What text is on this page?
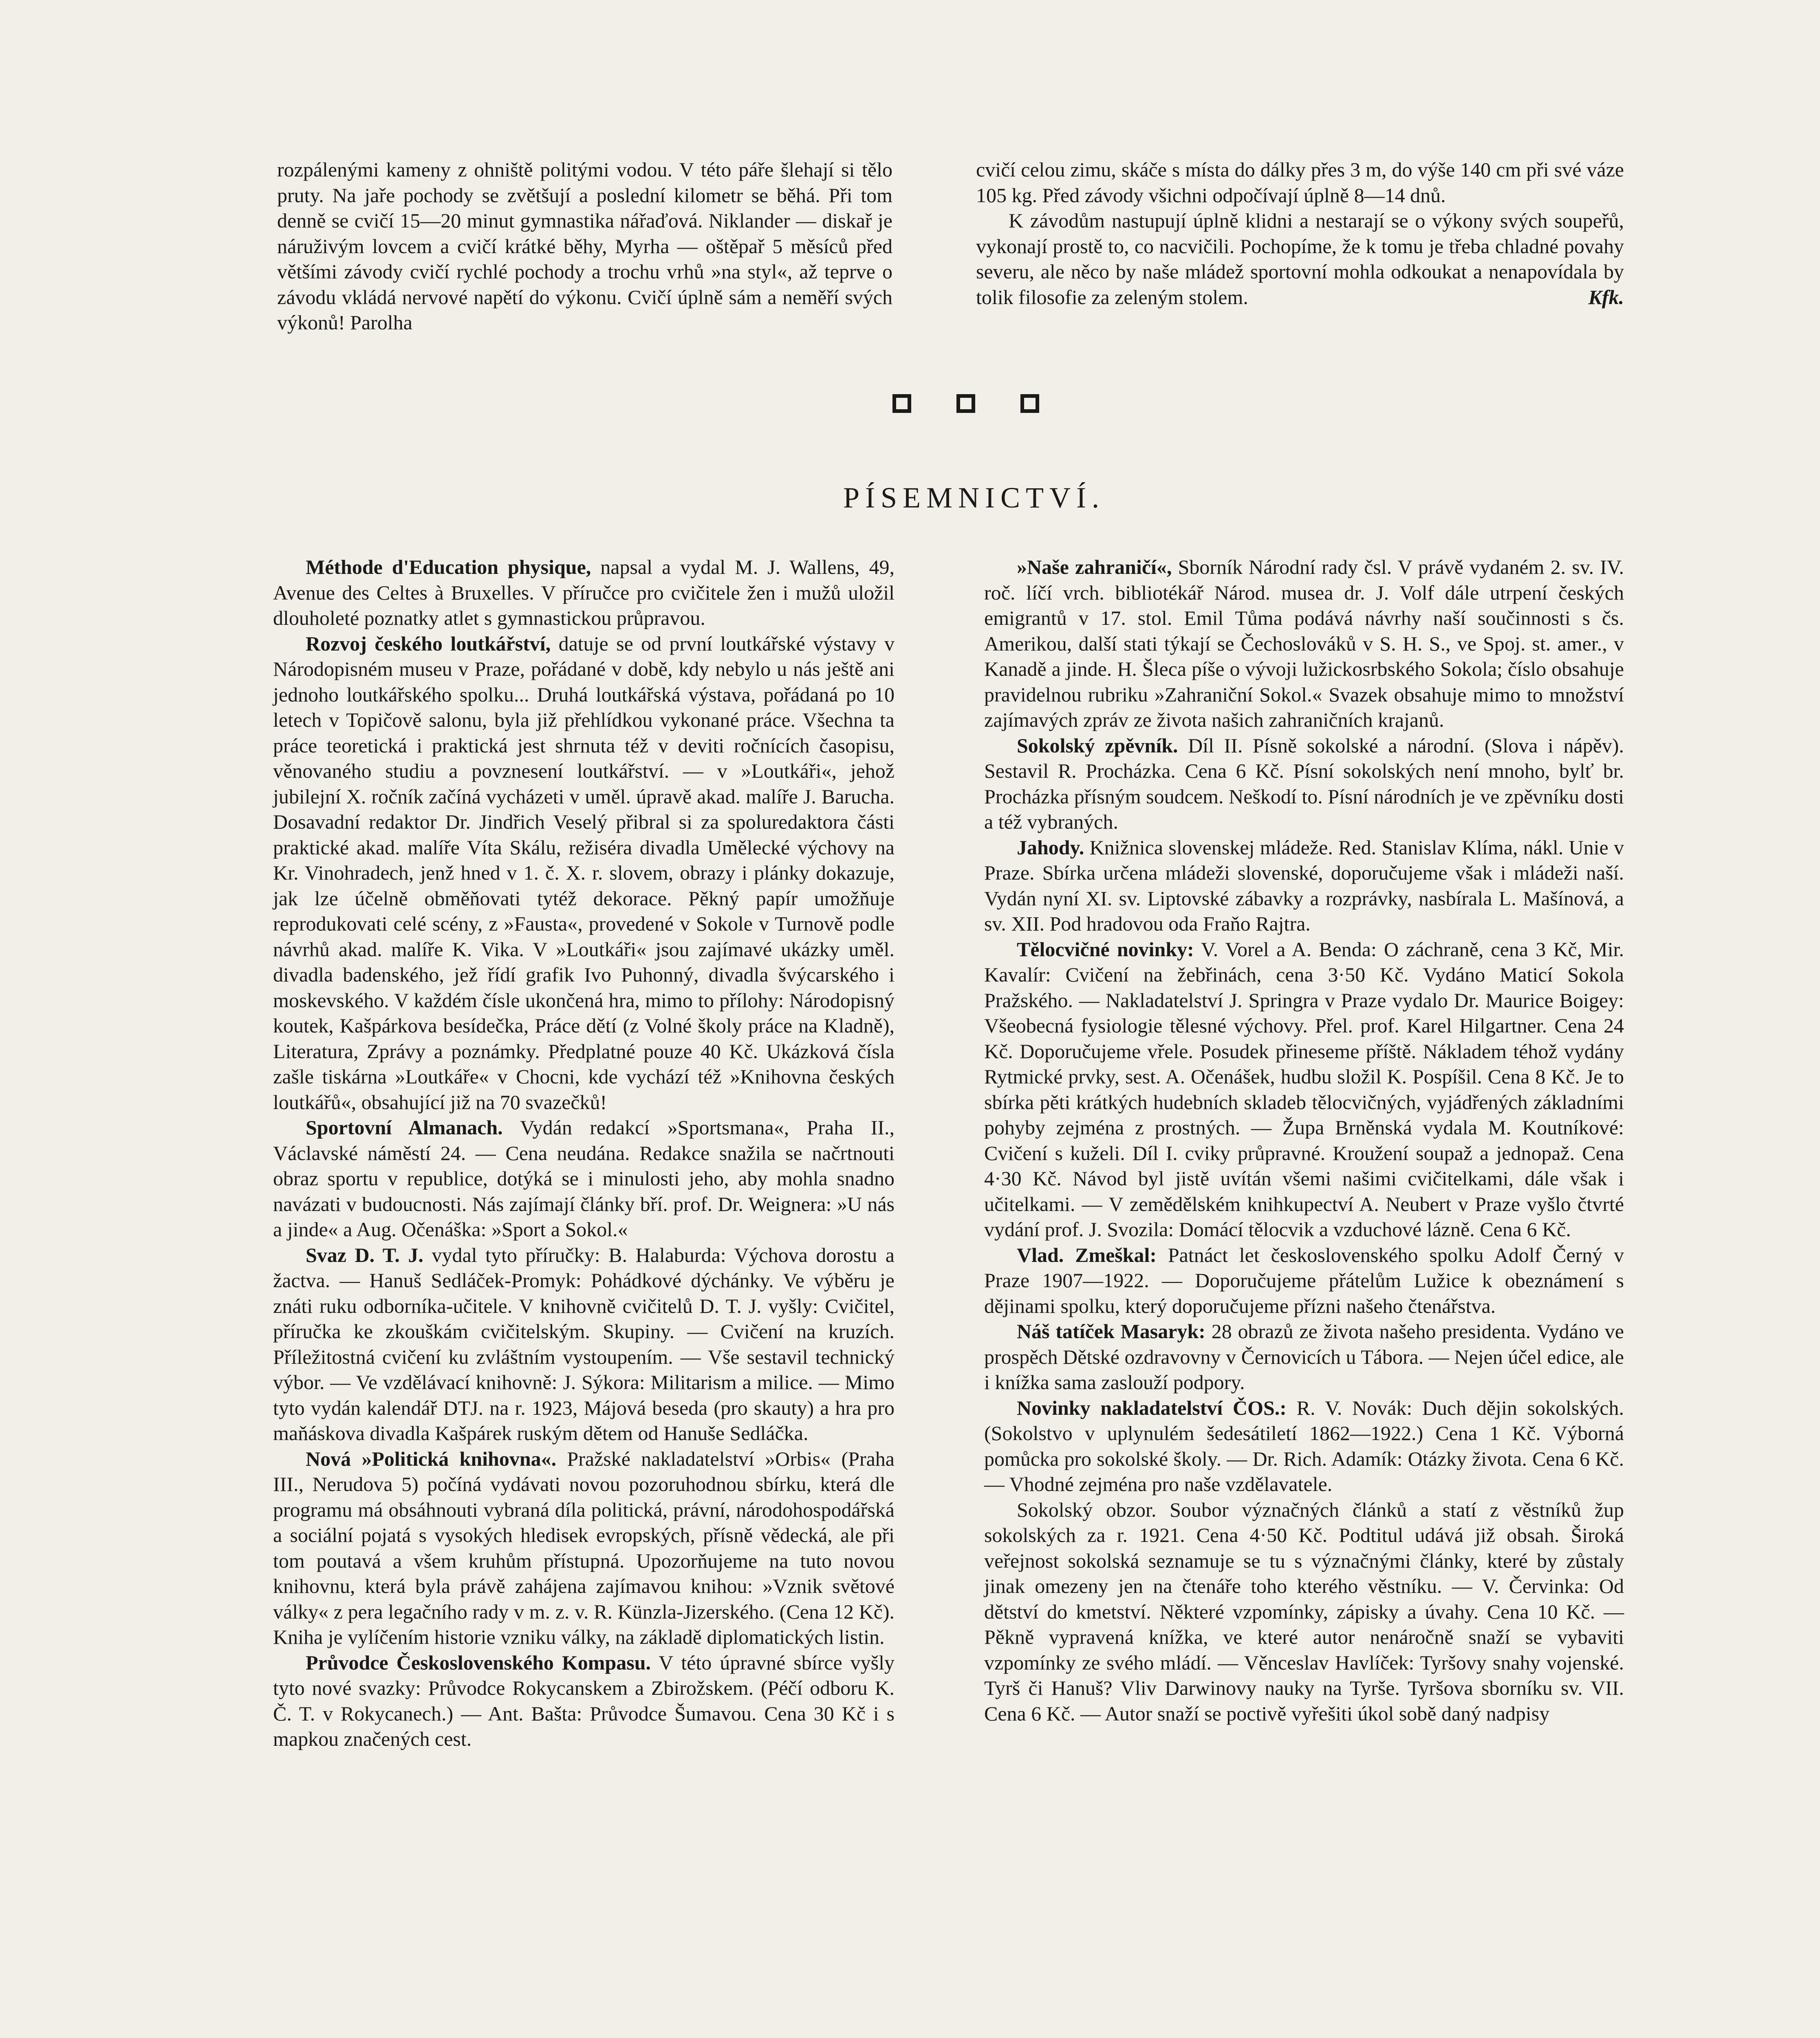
rozpálenými kameny z ohniště politými vodou. V této páře šlehají si tělo pruty. Na jaře pochody se zvětšují a poslední kilometr se běhá. Při tom denně se cvičí 15—20 minut gymnastika nářaďová. Niklander — diskař je náruživým lovcem a cvičí krátké běhy, Myrha — oštěpař 5 měsíců před většími závody cvičí rychlé pochody a trochu vrhů »na styl«, až teprve o závodu vkládá nervové napětí do výkonu. Cvičí úplně sám a neměří svých výkonů! Parolha

cvičí celou zimu, skáče s místa do dálky přes 3 m, do výše 140 cm při své váze 105 kg. Před závody všichni odpočívají úplně 8—14 dnů.

K závodům nastupují úplně klidni a nestarají se o výkony svých soupeřů, vykonají prostě to, co nacvičili. Pochopíme, že k tomu je třeba chladné povahy severu, ale něco by naše mládež sportovní mohla odkoukat a nenapovídala by tolik filosofie za zeleným stolem.	Kfk.

PÍSEMNICTVÍ.

Méthode d'Education physique, napsal a vydal M. J. Wallens, 49, Avenue des Celtes à Bruxelles. V příručce pro cvičitele žen i mužů uložil dlouholeté poznatky atlet s gymnastickou průpravou.

Rozvoj českého loutkářství, datuje se od první loutkářské výstavy v Národopisném museu v Praze, pořádané v době, kdy nebylo u nás ještě ani jednoho loutkářského spolku... Druhá loutkářská výstava, pořádaná po 10 letech v Topičově salonu, byla již přehlídkou vykonané práce. Všechna ta práce teoretická i praktická jest shrnuta též v deviti ročnících časopisu, věnovaného studiu a povznesení loutkářství. — v »Loutkáři«, jehož jubilejní X. ročník začíná vycházeti v uměl. úpravě akad. malíře J. Barucha. Dosavadní redaktor Dr. Jindřich Veselý přibral si za spoluredaktora části praktické akad. malíře Víta Skálu, režiséra divadla Umělecké výchovy na Kr. Vinohradech, jenž hned v 1. č. X. r. slovem, obrazy i plánky dokazuje, jak lze účelně obměňovati tytéž dekorace. Pěkný papír umožňuje reprodukovati celé scény, z »Fausta«, provedené v Sokole v Turnově podle návrhů akad. malíře K. Vika. V »Loutkáři« jsou zajímavé ukázky uměl. divadla badenského, jež řídí grafik Ivo Puhonný, divadla švýcarského i moskevského. V každém čísle ukončená hra, mimo to přílohy: Národopisný koutek, Kašpárkova besídečka, Práce dětí (z Volné školy práce na Kladně), Literatura, Zprávy a poznámky. Předplatné pouze 40 Kč. Ukázková čísla zašle tiskárna »Loutkáře« v Chocni, kde vychází též »Knihovna českých loutkářů«, obsahující již na 70 svazečků!

Sportovní Almanach. Vydán redakcí »Sportsmana«, Praha II., Václavské náměstí 24. — Cena neudána. Redakce snažila se načrtnouti obraz sportu v republice, dotýká se i minulosti jeho, aby mohla snadno navázati v budoucnosti. Nás zajímají články bří. prof. Dr. Weignera: »U nás a jinde« a Aug. Očenáška: »Sport a Sokol.«

Svaz D. T. J. vydal tyto příručky: B. Halaburda: Výchova dorostu a žactva. — Hanuš Sedláček-Promyk: Pohádkové dýchánky. Ve výběru je znáti ruku odborníka-učitele. V knihovně cvičitelů D. T. J. vyšly: Cvičitel, příručka ke zkouškám cvičitelským. Skupiny. — Cvičení na kruzích. Příležitostná cvičení ku zvláštním vystoupením. — Vše sestavil technický výbor. — Ve vzdělávací knihovně: J. Sýkora: Militarism a milice. — Mimo tyto vydán kalendář DTJ. na r. 1923, Májová beseda (pro skauty) a hra pro maňáskova divadla Kašpárek ruským dětem od Hanuše Sedláčka.

Nová »Politická knihovna«. Pražské nakladatelství »Orbis« (Praha III., Nerudova 5) počíná vydávati novou pozoruhodnou sbírku, která dle programu má obsáhnouti vybraná díla politická, právní, národohospodářská a sociální pojatá s vysokých hledisek evropských, přísně vědecká, ale při tom poutavá a všem kruhům přístupná. Upozorňujeme na tuto novou knihovnu, která byla právě zahájena zajímavou knihou: »Vznik světové války« z pera legačního rady v m. z. v. R. Künzla-Jizerského. (Cena 12 Kč). Kniha je vylíčením historie vzniku války, na základě diplomatických listin.

Průvodce Československého Kompasu. V této úpravné sbírce vyšly tyto nové svazky: Průvodce Rokycanskem a Zbirožskem. (Péčí odboru K. Č. T. v Rokycanech.) — Ant. Bašta: Průvodce Šumavou. Cena 30 Kč i s mapkou značených cest.

»Naše zahraničí«, Sborník Národní rady čsl. V právě vydaném 2. sv. IV. roč. líčí vrch. bibliotékář Národ. musea dr. J. Volf dále utrpení českých emigrantů v 17. stol. Emil Tůma podává návrhy naší součinnosti s čs. Amerikou, další stati týkají se Čechoslováků v S. H. S., ve Spoj. st. amer., v Kanadě a jinde. H. Šleca píše o vývoji lužickosrbského Sokola; číslo obsahuje pravidelnou rubriku »Zahraniční Sokol.« Svazek obsahuje mimo to množství zajímavých zpráv ze života našich zahraničních krajanů.

Sokolský zpěvník. Díl II. Písně sokolské a národní. (Slova i nápěv). Sestavil R. Procházka. Cena 6 Kč. Písní sokolských není mnoho, bylť br. Procházka přísným soudcem. Neškodí to. Písní národních je ve zpěvníku dosti a též vybraných.

Jahody. Knižnica slovenskej mládeže. Red. Stanislav Klíma, nákl. Unie v Praze. Sbírka určena mládeži slovenské, doporučujeme však i mládeži naší. Vydán nyní XI. sv. Liptovské zábavky a rozprávky, nasbírala L. Mašínová, a sv. XII. Pod hradovou oda Fraňo Rajtra.

Tělocvičné novinky: V. Vorel a A. Benda: O záchraně, cena 3 Kč, Mir. Kavalír: Cvičení na žebřinách, cena 3·50 Kč. Vydáno Maticí Sokola Pražského. — Nakladatelství J. Springra v Praze vydalo Dr. Maurice Boigey: Všeobecná fysiologie tělesné výchovy. Přel. prof. Karel Hilgartner. Cena 24 Kč. Doporučujeme vřele. Posudek přineseme příště. Nákladem téhož vydány Rytmické prvky, sest. A. Očenášek, hudbu složil K. Pospíšil. Cena 8 Kč. Je to sbírka pěti krátkých hudebních skladeb tělocvičných, vyjádřených základními pohyby zejména z prostných. — Župa Brněnská vydala M. Koutníkové: Cvičení s kuželi. Díl I. cviky průpravné. Kroužení soupaž a jednopaž. Cena 4·30 Kč. Návod byl jistě uvítán všemi našimi cvičitelkami, dále však i učitelkami. — V zemědělském knihkupectví A. Neubert v Praze vyšlo čtvrté vydání prof. J. Svozila: Domácí tělocvik a vzduchové lázně. Cena 6 Kč.

Vlad. Zmeškal: Patnáct let československého spolku Adolf Černý v Praze 1907—1922. — Doporučujeme přátelům Lužice k obeznámení s dějinami spolku, který doporučujeme přízni našeho čtenářstva.

Náš tatíček Masaryk: 28 obrazů ze života našeho presidenta. Vydáno ve prospěch Dětské ozdravovny v Černovicích u Tábora. — Nejen účel edice, ale i knížka sama zaslouží podpory.

Novinky nakladatelství ČOS.: R. V. Novák: Duch dějin sokolských. (Sokolstvo v uplynulém šedesátiletí 1862—1922.) Cena 1 Kč. Výborná pomůcka pro sokolské školy. — Dr. Rich. Adamík: Otázky života. Cena 6 Kč. — Vhodné zejména pro naše vzdělavatele.

Sokolský obzor. Soubor význačných článků a statí z věstníků žup sokolských za r. 1921. Cena 4·50 Kč. Podtitul udává již obsah. Široká veřejnost sokolská seznamuje se tu s význačnými články, které by zůstaly jinak omezeny jen na čtenáře toho kterého věstníku. — V. Červinka: Od dětství do kmetství. Některé vzpomínky, zápisky a úvahy. Cena 10 Kč. — Pěkně vypravená knížka, ve které autor nenáročně snaží se vybaviti vzpomínky ze svého mládí. — Věnceslav Havlíček: Tyršovy snahy vojenské. Tyrš či Hanuš? Vliv Darwinovy nauky na Tyrše. Tyršova sborníku sv. VII. Cena 6 Kč. — Autor snaží se poctivě vyřešiti úkol sobě daný nadpisy
